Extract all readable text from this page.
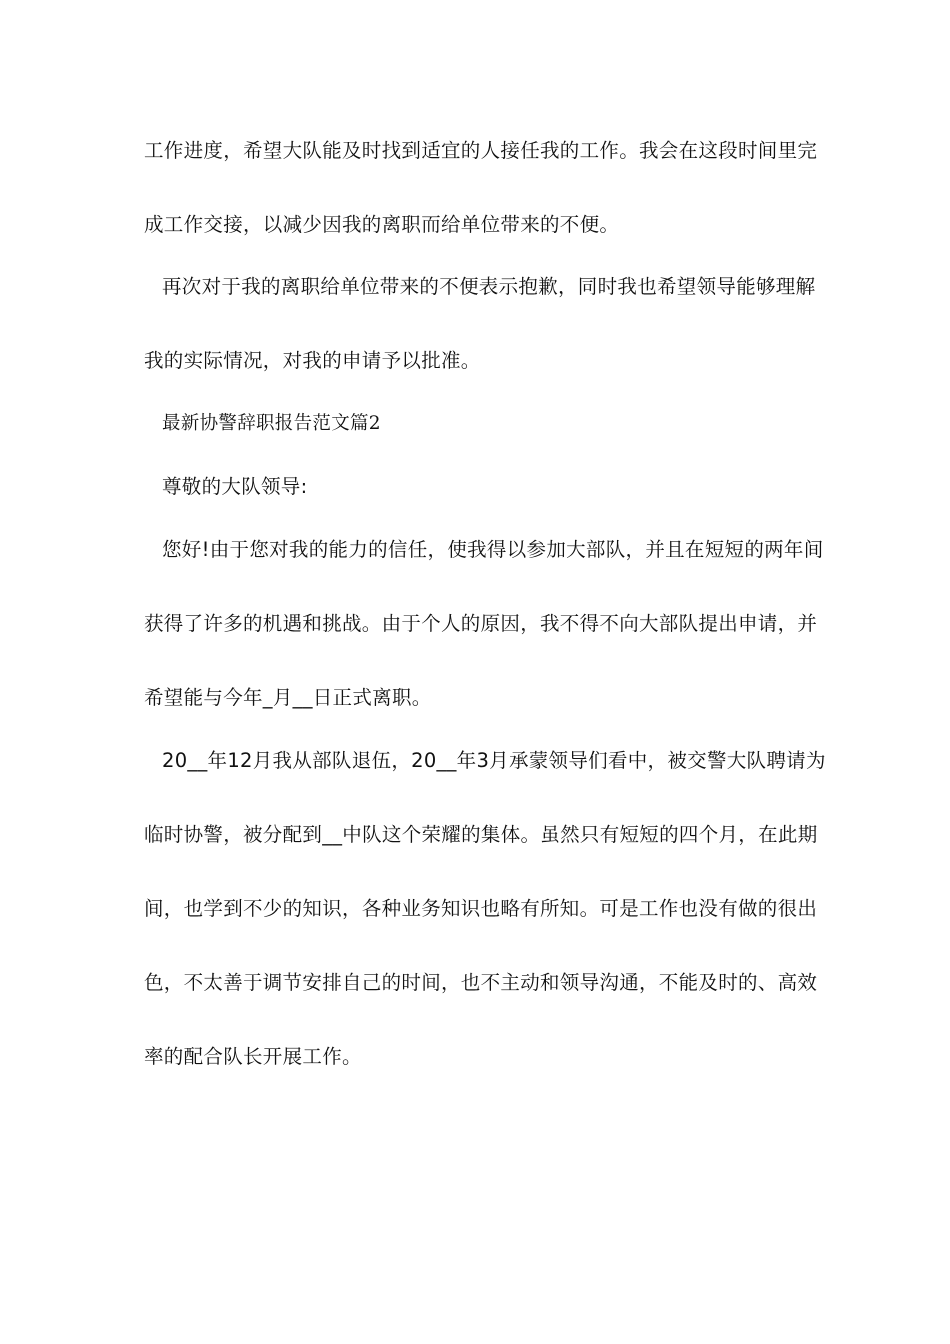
工作进度，希望大队能及时找到适宜的人接任我的工作。我会在这段时间里完
成工作交接，以减少因我的离职而给单位带来的不便。
再次对于我的离职给单位带来的不便表示抱歉，同时我也希望领导能够理解
我的实际情况，对我的申请予以批准。
最新协警辞职报告范文篇2
尊敬的大队领导:
您好!由于您对我的能力的信任，使我得以参加大部队，并且在短短的两年间
获得了许多的机遇和挑战。由于个人的原因，我不得不向大部队提出申请，并
希望能与今年_月__日正式离职。
20__年12月我从部队退伍，20__年3月承蒙领导们看中，被交警大队聘请为
临时协警，被分配到__中队这个荣耀的集体。虽然只有短短的四个月，在此期
间，也学到不少的知识，各种业务知识也略有所知。可是工作也没有做的很出
色，不太善于调节安排自己的时间，也不主动和领导沟通，不能及时的、高效
率的配合队长开展工作。
